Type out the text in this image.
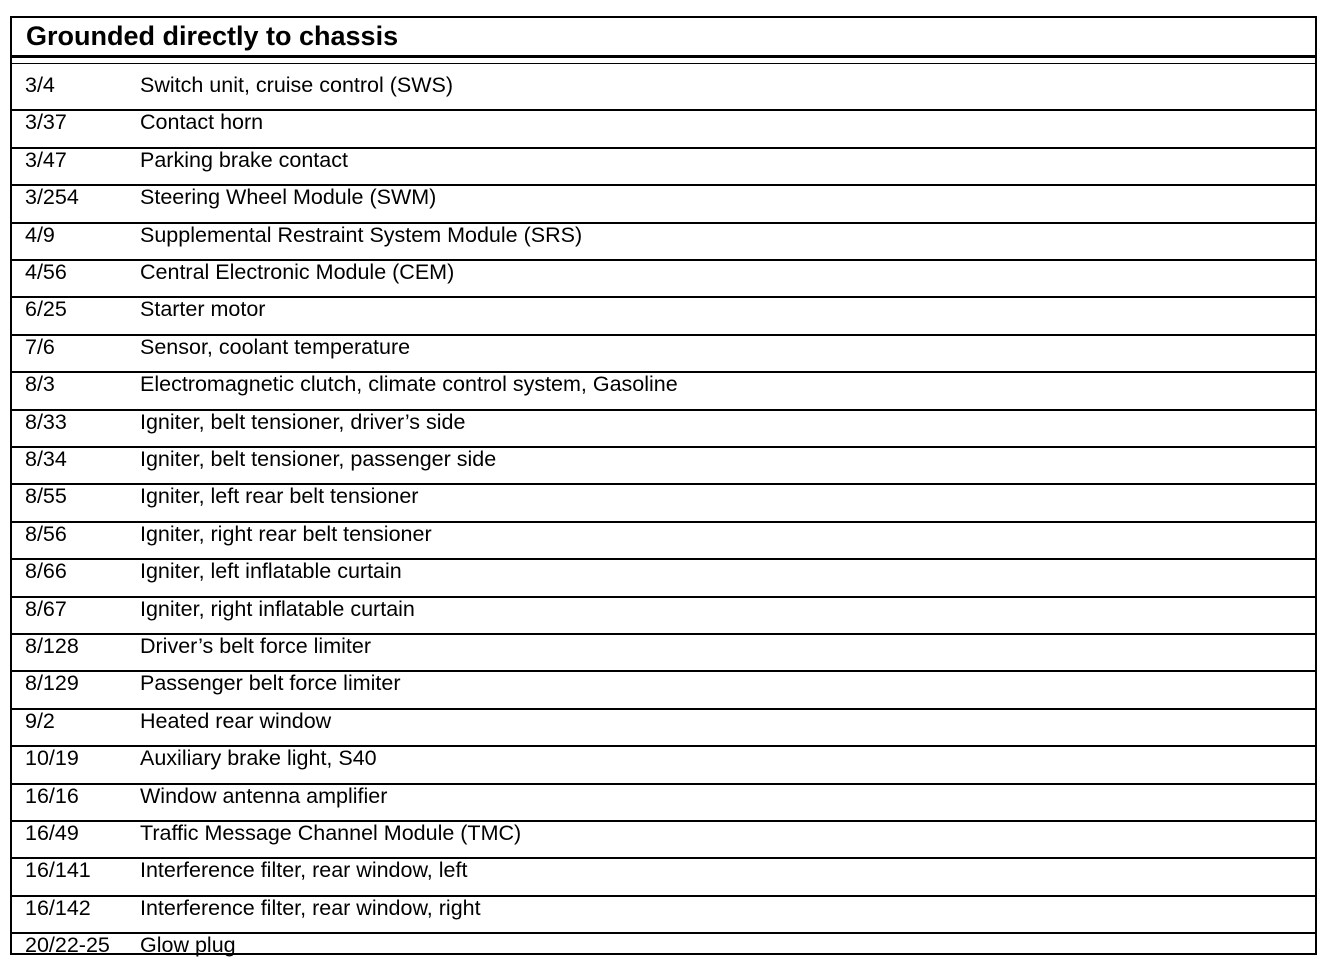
Grounded directly to chassis
3/4	Switch unit, cruise control (SWS)
3/37	Contact horn
3/47	Parking brake contact
3/254	Steering Wheel Module (SWM)
4/9	Supplemental Restraint System Module (SRS)
4/56	Central Electronic Module (CEM)
6/25	Starter motor
7/6	Sensor, coolant temperature
8/3	Electromagnetic clutch, climate control system, Gasoline
8/33	Igniter, belt tensioner, driver’s side
8/34	Igniter, belt tensioner, passenger side
8/55	Igniter, left rear belt tensioner
8/56	Igniter, right rear belt tensioner
8/66	Igniter, left inflatable curtain
8/67	Igniter, right inflatable curtain
8/128	Driver’s belt force limiter
8/129	Passenger belt force limiter
9/2	Heated rear window
10/19	Auxiliary brake light, S40
16/16	Window antenna amplifier
16/49	Traffic Message Channel Module (TMC)
16/141 Interference filter, rear window, left
16/142 Interference filter, rear window, right
20/22-25 Glow plug
